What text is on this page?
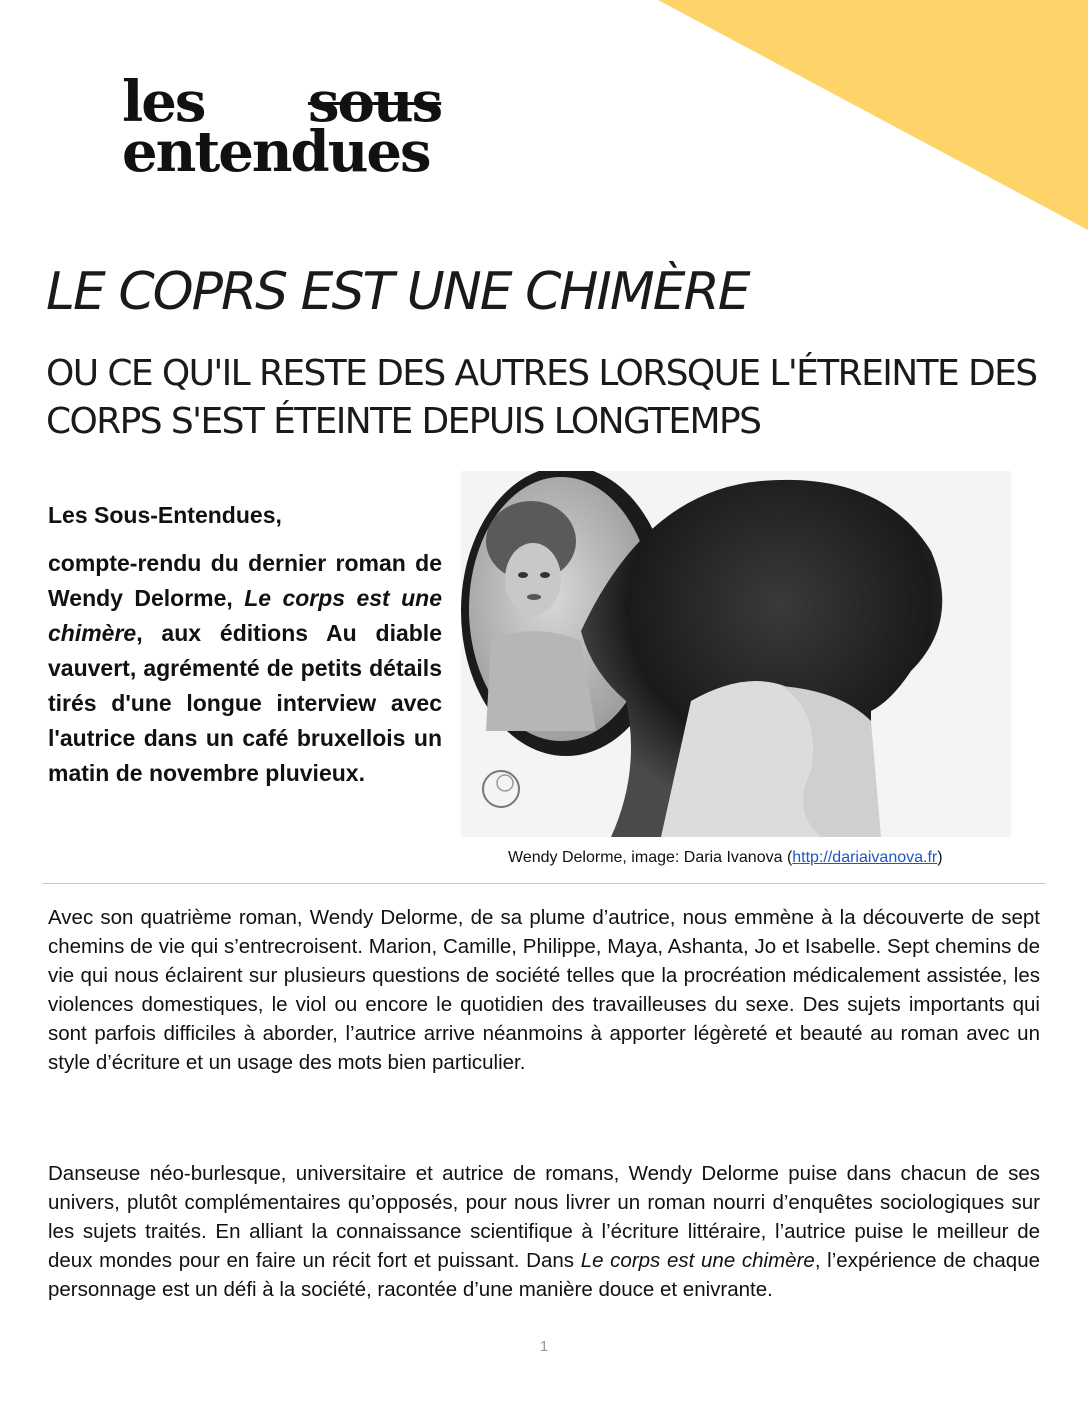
les sous
entendues
LE COPRS EST UNE CHIMÈRE
OU CE QU'IL RESTE DES AUTRES LORSQUE L'ÉTREINTE DES CORPS S'EST ÉTEINTE DEPUIS LONGTEMPS

Les Sous-Entendues,

compte-rendu du dernier roman de Wendy Delorme, Le corps est une chimère, aux éditions Au diable vauvert, agrémenté de petits détails tirés d'une longue interview avec l'autrice dans un café bruxellois un matin de novembre pluvieux.

Wendy Delorme, image: Daria Ivanova (http://dariaivanova.fr)

Avec son quatrième roman, Wendy Delorme, de sa plume d’autrice, nous emmène à la découverte de sept chemins de vie qui s’entrecroisent. Marion, Camille, Philippe, Maya, Ashanta, Jo et Isabelle. Sept chemins de vie qui nous éclairent sur plusieurs questions de société telles que la procréation médicalement assistée, les violences domestiques, le viol ou encore le quotidien des travailleuses du sexe. Des sujets importants qui sont parfois difficiles à aborder, l’autrice arrive néanmoins à apporter légèreté et beauté au roman avec un style d’écriture et un usage des mots bien particulier.

Danseuse néo-burlesque, universitaire et autrice de romans, Wendy Delorme puise dans chacun de ses univers, plutôt complémentaires qu’opposés, pour nous livrer un roman nourri d’enquêtes sociologiques sur les sujets traités. En alliant la connaissance scientifique à l’écriture littéraire, l’autrice puise le meilleur de deux mondes pour en faire un récit fort et puissant. Dans Le corps est une chimère, l’expérience de chaque personnage est un défi à la société, racontée d’une manière douce et enivrante.

1
